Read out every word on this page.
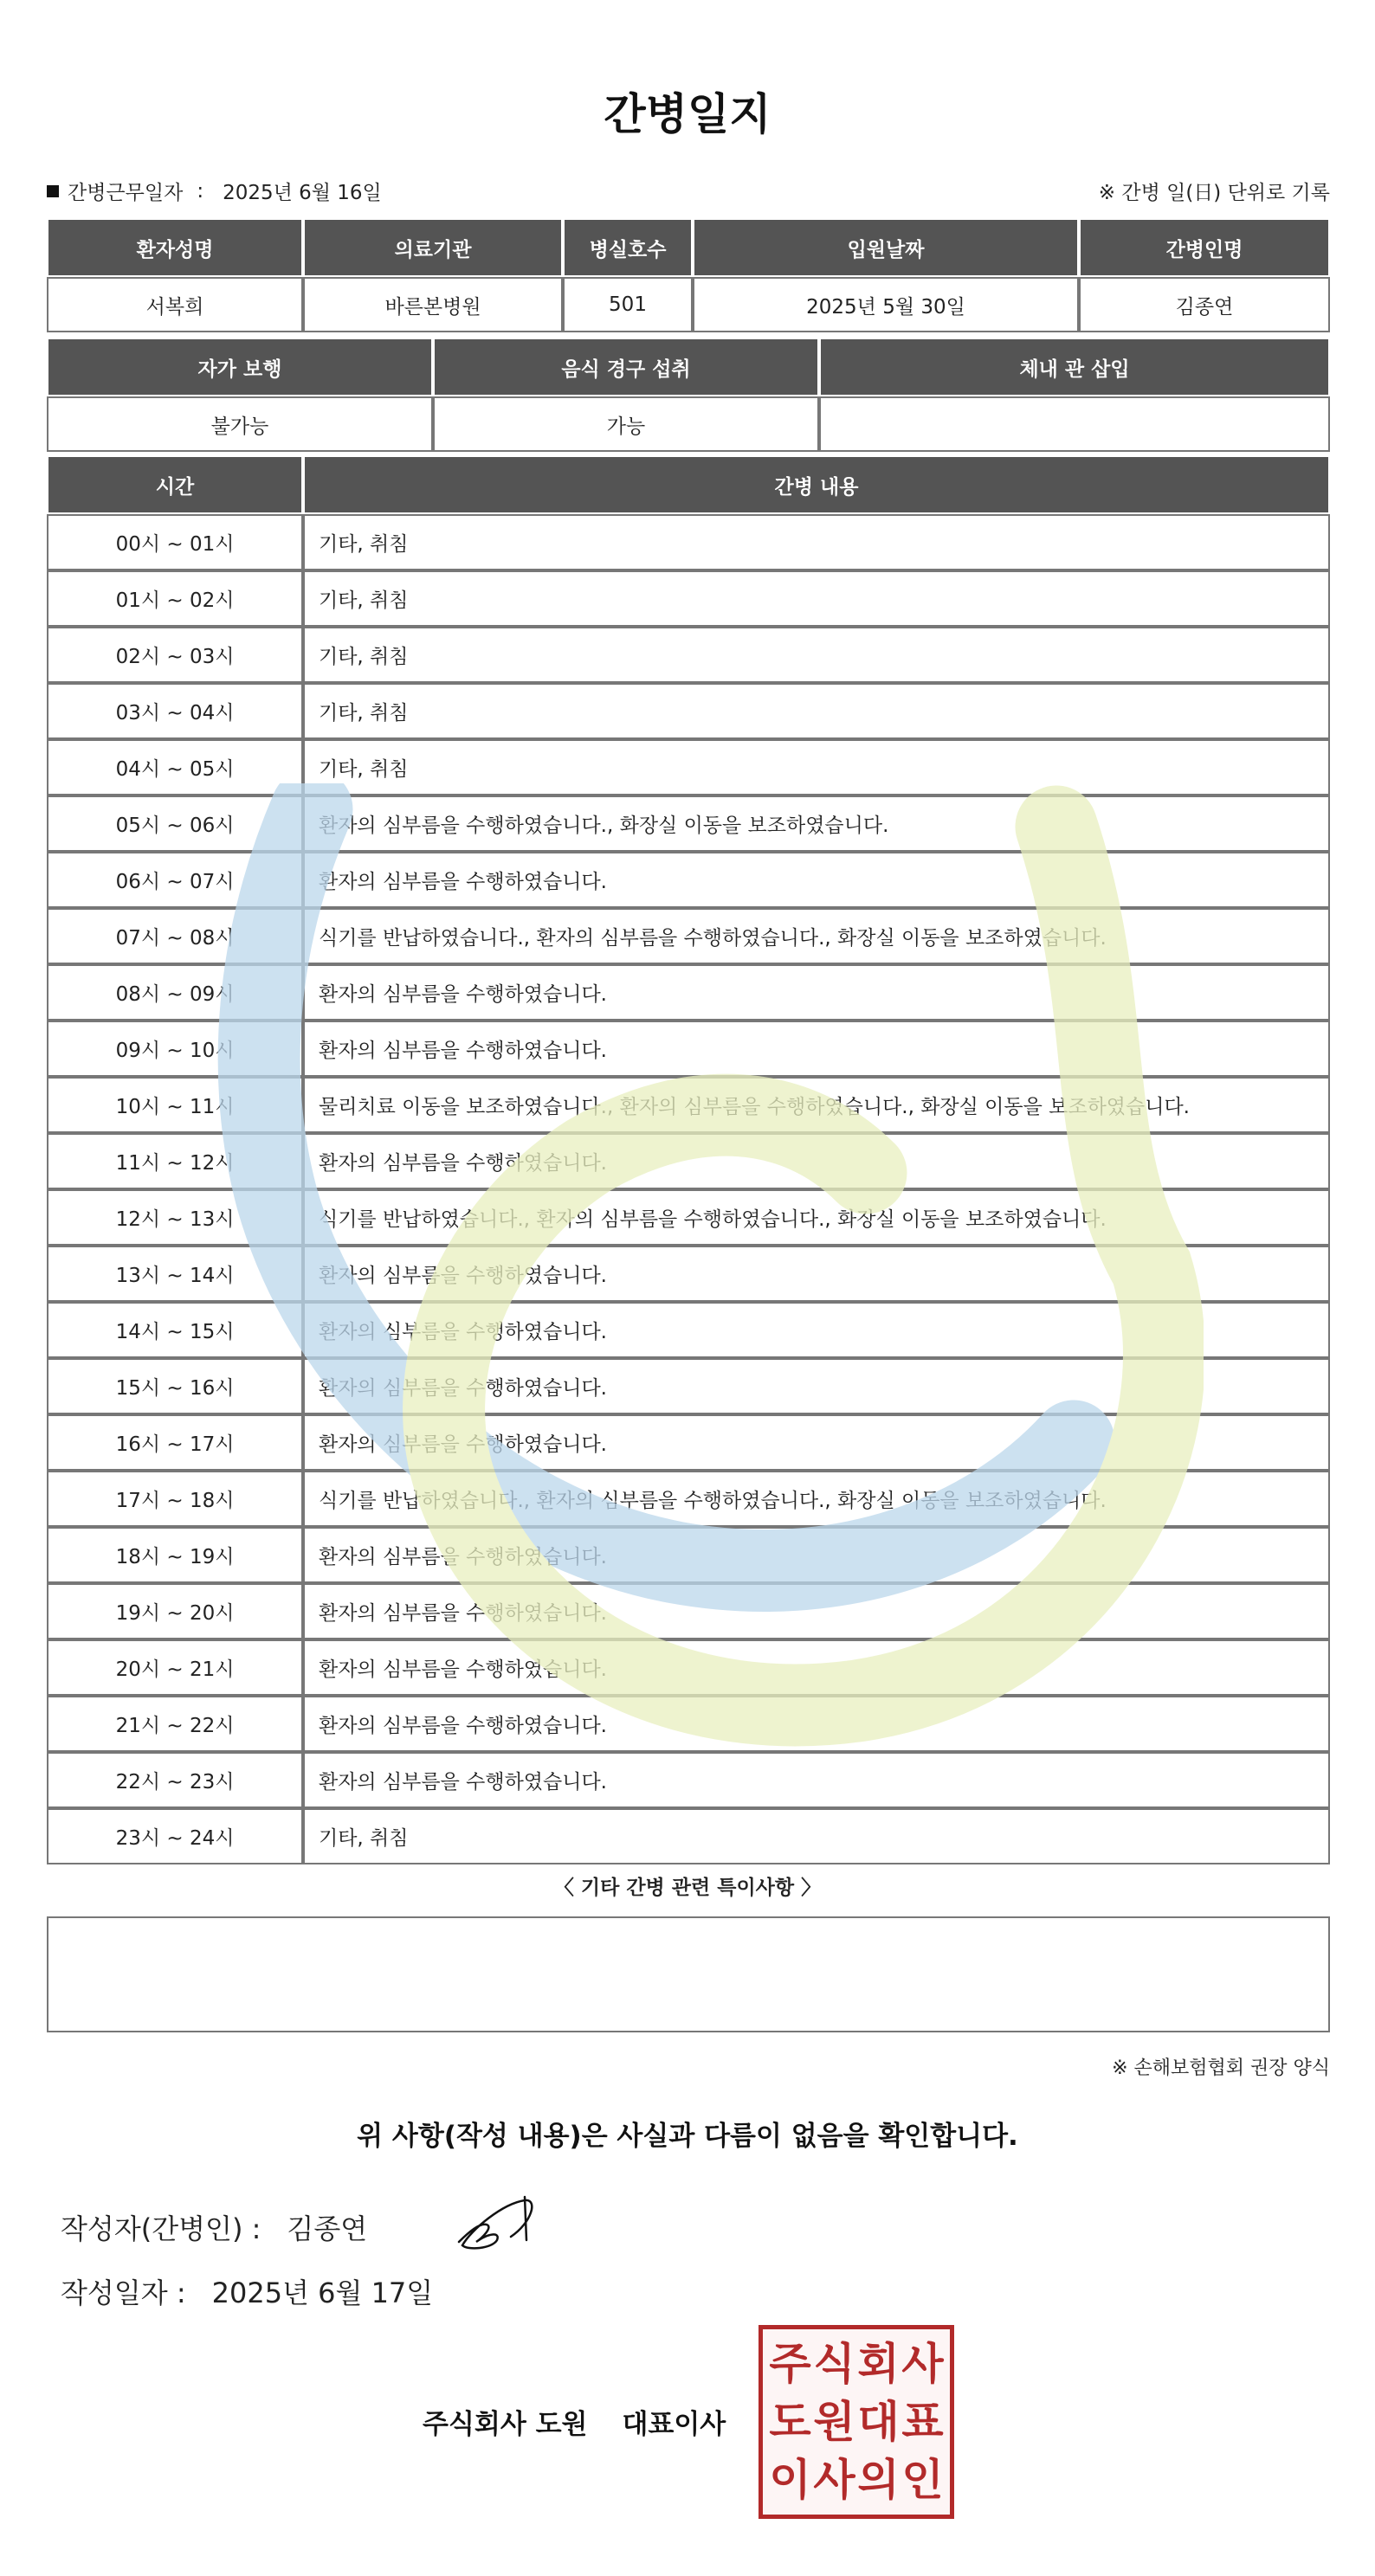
간병일지
간병근무일자 : 2025년 6월 16일	※ 간병 일(日) 단위로 기록
환자성명	의료기관	병실호수	입원날짜	간병인명
서복희	바른본병원	501	2025년 5월 30일	김종연
자가 보행	음식 경구 섭취	체내 관 삽입
불가능	가능	
시간	간병 내용
00시 ~ 01시	기타, 취침
01시 ~ 02시	기타, 취침
02시 ~ 03시	기타, 취침
03시 ~ 04시	기타, 취침
04시 ~ 05시	기타, 취침
05시 ~ 06시	환자의 심부름을 수행하였습니다., 화장실 이동을 보조하였습니다.
06시 ~ 07시	환자의 심부름을 수행하였습니다.
07시 ~ 08시	식기를 반납하였습니다., 환자의 심부름을 수행하였습니다., 화장실 이동을 보조하였습니다.
08시 ~ 09시	환자의 심부름을 수행하였습니다.
09시 ~ 10시	환자의 심부름을 수행하였습니다.
10시 ~ 11시	물리치료 이동을 보조하였습니다., 환자의 심부름을 수행하였습니다., 화장실 이동을 보조하였습니다.
11시 ~ 12시	환자의 심부름을 수행하였습니다.
12시 ~ 13시	식기를 반납하였습니다., 환자의 심부름을 수행하였습니다., 화장실 이동을 보조하였습니다.
13시 ~ 14시	환자의 심부름을 수행하였습니다.
14시 ~ 15시	환자의 심부름을 수행하였습니다.
15시 ~ 16시	환자의 심부름을 수행하였습니다.
16시 ~ 17시	환자의 심부름을 수행하였습니다.
17시 ~ 18시	식기를 반납하였습니다., 환자의 심부름을 수행하였습니다., 화장실 이동을 보조하였습니다.
18시 ~ 19시	환자의 심부름을 수행하였습니다.
19시 ~ 20시	환자의 심부름을 수행하였습니다.
20시 ~ 21시	환자의 심부름을 수행하였습니다.
21시 ~ 22시	환자의 심부름을 수행하였습니다.
22시 ~ 23시	환자의 심부름을 수행하였습니다.
23시 ~ 24시	기타, 취침
〈 기타 간병 관련 특이사항 〉
※ 손해보험협회 권장 양식
위 사항(작성 내용)은 사실과 다름이 없음을 확인합니다.
작성자(간병인) : 김종연
작성일자 : 2025년 6월 17일
주식회사 도원 대표이사
주 식 회 사
도 원 대 표
이 사 의 인
